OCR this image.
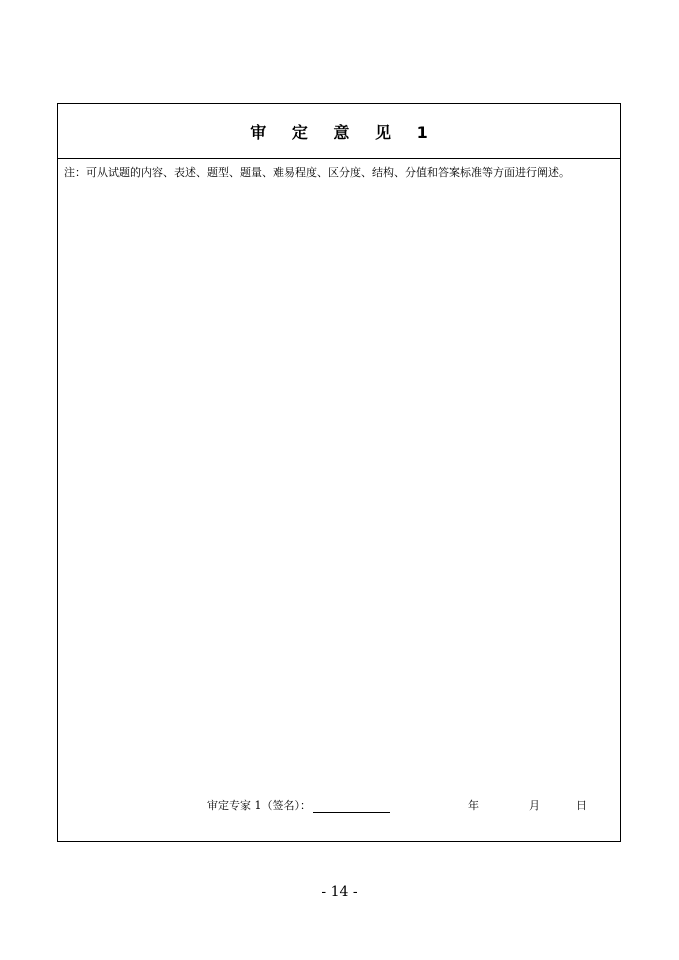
审 定 意 见 1
注：可从试题的内容、表述、题型、题量、难易程度、区分度、结构、分值和答案标准等方面进行阐述。
审定专家 1（签名）：	年	月	日
- 14 -
